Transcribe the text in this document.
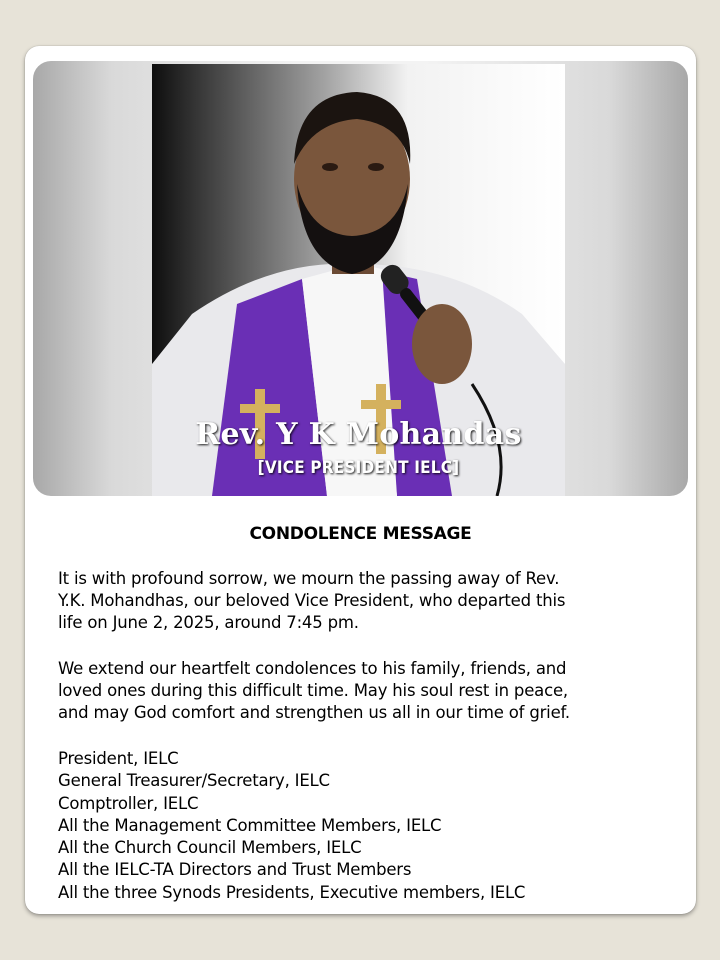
Rev. Y K Mohandas
[VICE PRESIDENT IELC]
CONDOLENCE MESSAGE

It is with profound sorrow, we mourn the passing away of Rev.
Y.K. Mohandhas, our beloved Vice President, who departed this
life on June 2, 2025, around 7:45 pm.

We extend our heartfelt condolences to his family, friends, and
loved ones during this difficult time. May his soul rest in peace,
and may God comfort and strengthen us all in our time of grief.

President, IELC
General Treasurer/Secretary, IELC
Comptroller, IELC
All the Management Committee Members, IELC
All the Church Council Members, IELC
All the IELC-TA Directors and Trust Members
All the three Synods Presidents, Executive members, IELC
